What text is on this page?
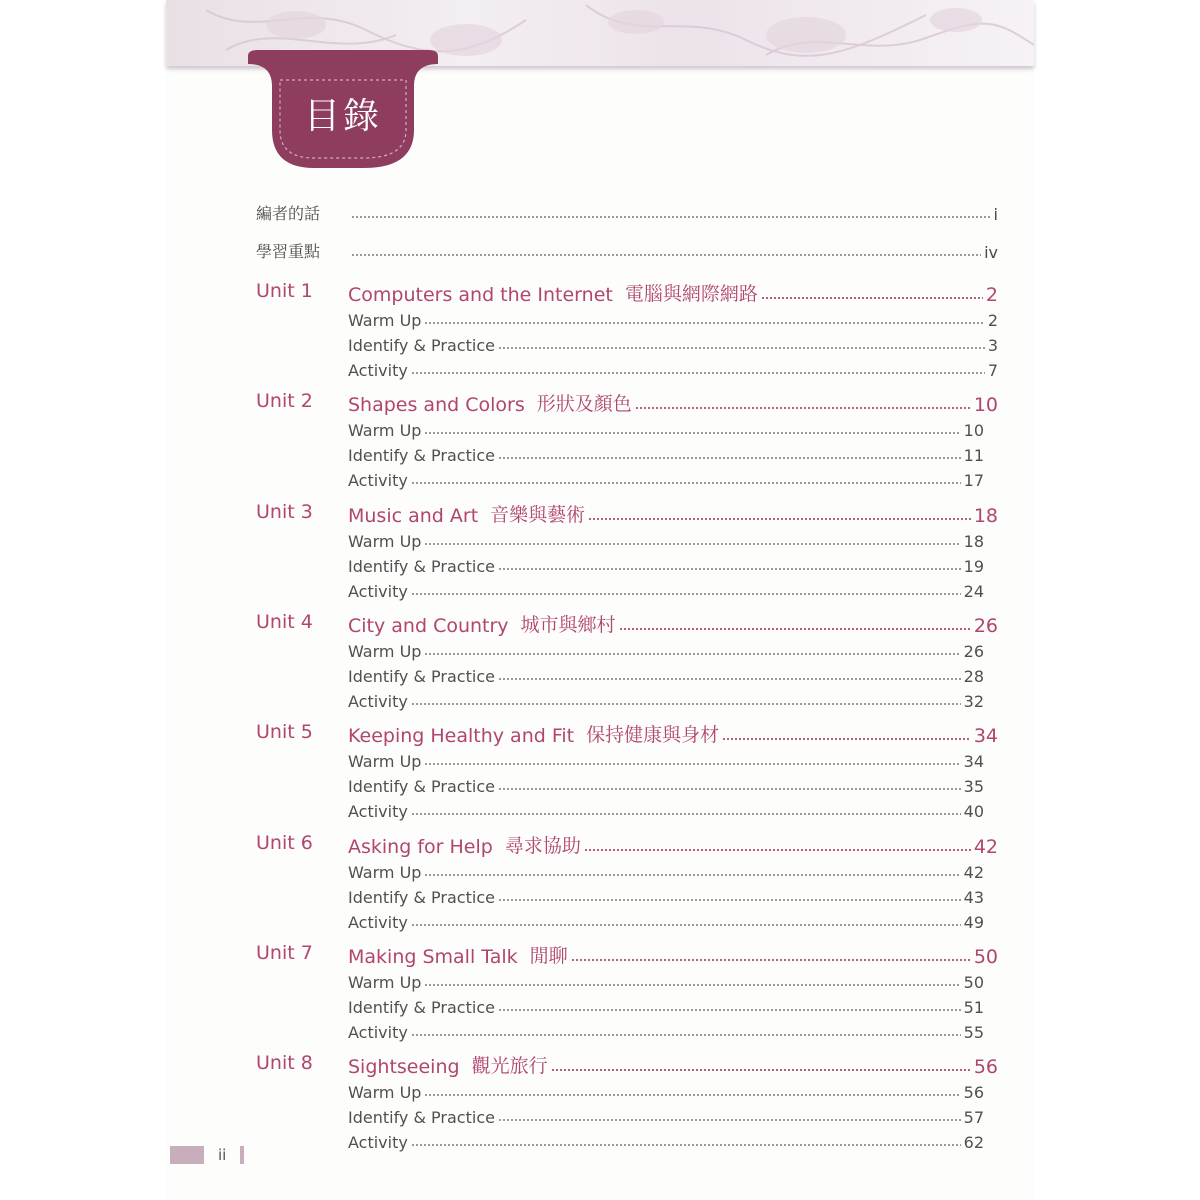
目錄
ii
編者的話	i
學習重點	iv
Unit 1 Computers and the Internet 電腦與網際網路	2
Warm Up	2
Identify & Practice	3
Activity	7
Unit 2 Shapes and Colors 形狀及顏色	10
Warm Up	10
Identify & Practice	11
Activity	17
Unit 3 Music and Art 音樂與藝術	18
Warm Up	18
Identify & Practice	19
Activity	24
Unit 4 City and Country 城市與鄉村	26
Warm Up	26
Identify & Practice	28
Activity	32
Unit 5 Keeping Healthy and Fit 保持健康與身材	34
Warm Up	34
Identify & Practice	35
Activity	40
Unit 6 Asking for Help 尋求協助	42
Warm Up	42
Identify & Practice	43
Activity	49
Unit 7 Making Small Talk 閒聊	50
Warm Up	50
Identify & Practice	51
Activity	55
Unit 8 Sightseeing 觀光旅行	56
Warm Up	56
Identify & Practice	57
Activity	62
